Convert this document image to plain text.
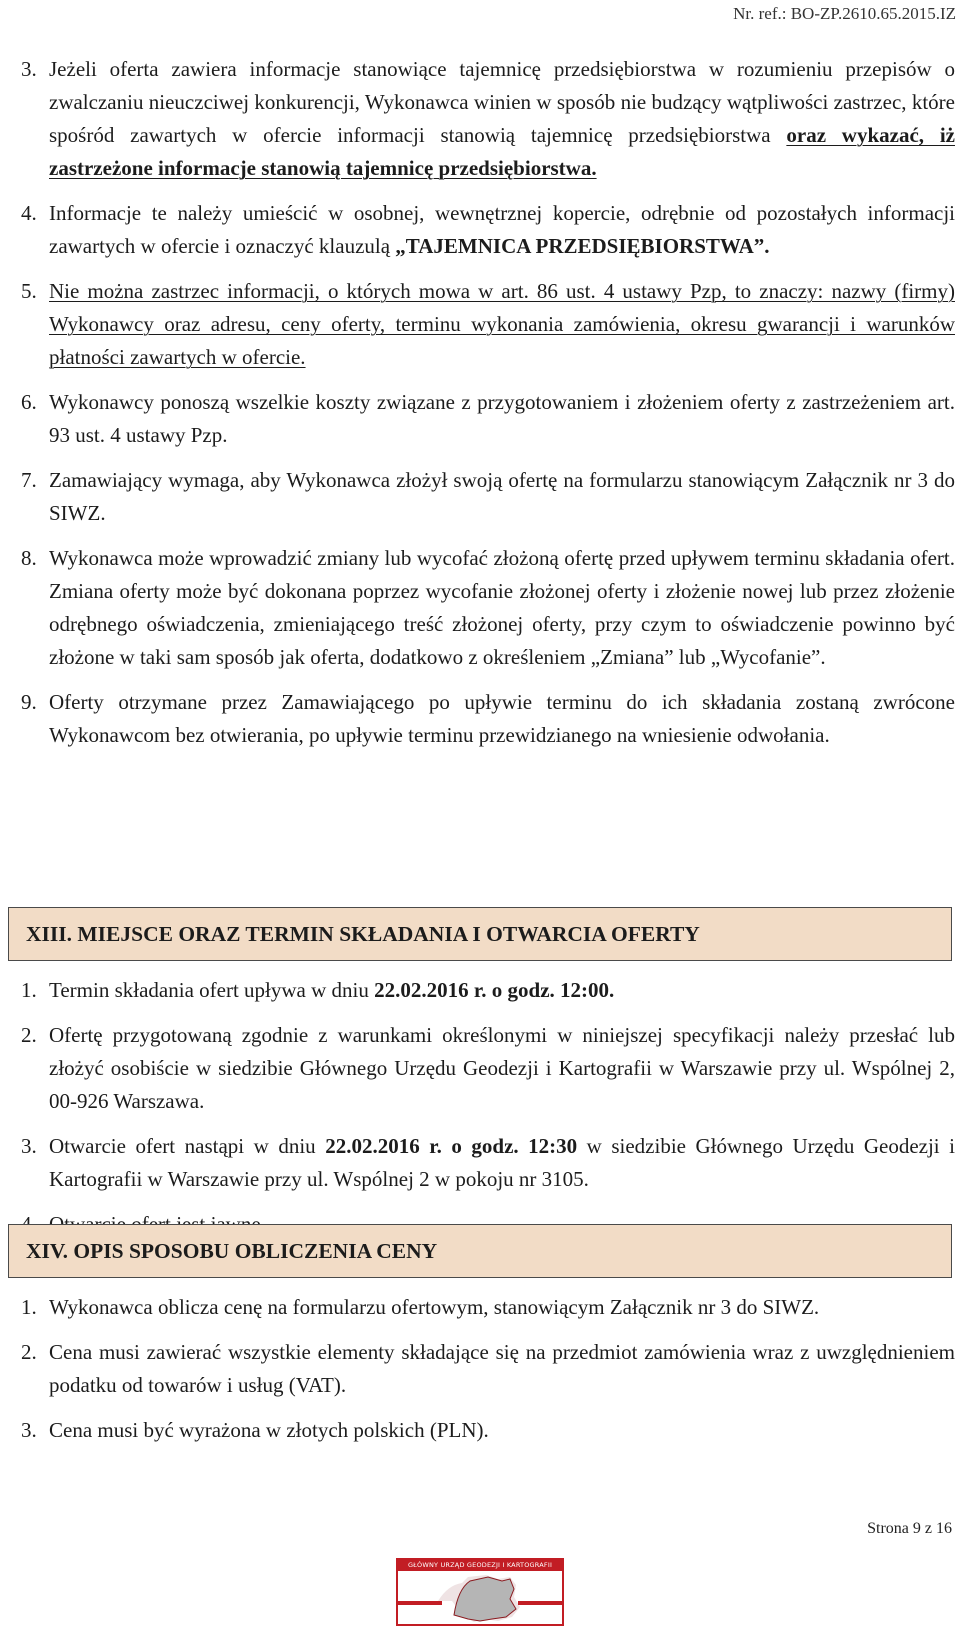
Nr. ref.: BO-ZP.2610.65.2015.IZ
3. Jeżeli oferta zawiera informacje stanowiące tajemnicę przedsiębiorstwa w rozumieniu przepisów o zwalczaniu nieuczciwej konkurencji, Wykonawca winien w sposób nie budzący wątpliwości zastrzec, które spośród zawartych w ofercie informacji stanowią tajemnicę przedsiębiorstwa oraz wykazać, iż zastrzeżone informacje stanowią tajemnicę przedsiębiorstwa.
4. Informacje te należy umieścić w osobnej, wewnętrznej kopercie, odrębnie od pozostałych informacji zawartych w ofercie i oznaczyć klauzulą „TAJEMNICA PRZEDSIĘBIORSTWA”.
5. Nie można zastrzec informacji, o których mowa w art. 86 ust. 4 ustawy Pzp, to znaczy: nazwy (firmy) Wykonawcy oraz adresu, ceny oferty, terminu wykonania zamówienia, okresu gwarancji i warunków płatności zawartych w ofercie.
6. Wykonawcy ponoszą wszelkie koszty związane z przygotowaniem i złożeniem oferty z zastrzeżeniem art. 93 ust. 4 ustawy Pzp.
7. Zamawiający wymaga, aby Wykonawca złożył swoją ofertę na formularzu stanowiącym Załącznik nr 3 do SIWZ.
8. Wykonawca może wprowadzić zmiany lub wycofać złożoną ofertę przed upływem terminu składania ofert. Zmiana oferty może być dokonana poprzez wycofanie złożonej oferty i złożenie nowej lub przez złożenie odrębnego oświadczenia, zmieniającego treść złożonej oferty, przy czym to oświadczenie powinno być złożone w taki sam sposób jak oferta, dodatkowo z określeniem „Zmiana” lub „Wycofanie”.
9. Oferty otrzymane przez Zamawiającego po upływie terminu do ich składania zostaną zwrócone Wykonawcom bez otwierania, po upływie terminu przewidzianego na wniesienie odwołania.
XIII. MIEJSCE ORAZ TERMIN SKŁADANIA I OTWARCIA OFERTY
1. Termin składania ofert upływa w dniu 22.02.2016 r. o godz. 12:00.
2. Ofertę przygotowaną zgodnie z warunkami określonymi w niniejszej specyfikacji należy przesłać lub złożyć osobiście w siedzibie Głównego Urzędu Geodezji i Kartografii w Warszawie przy ul. Wspólnej 2, 00-926 Warszawa.
3. Otwarcie ofert nastąpi w dniu 22.02.2016 r. o godz. 12:30 w siedzibie Głównego Urzędu Geodezji i Kartografii w Warszawie przy ul. Wspólnej 2 w pokoju nr 3105.
XIV. OPIS SPOSOBU OBLICZENIA CENY
1. Wykonawca oblicza cenę na formularzu ofertowym, stanowiącym Załącznik nr 3 do SIWZ.
2. Cena musi zawierać wszystkie elementy składające się na przedmiot zamówienia wraz z uwzględnieniem podatku od towarów i usług (VAT).
3. Cena musi być wyrażona w złotych polskich (PLN).
Strona 9 z 16
GŁÓWNY URZĄD GEODEZJI I KARTOGRAFII
